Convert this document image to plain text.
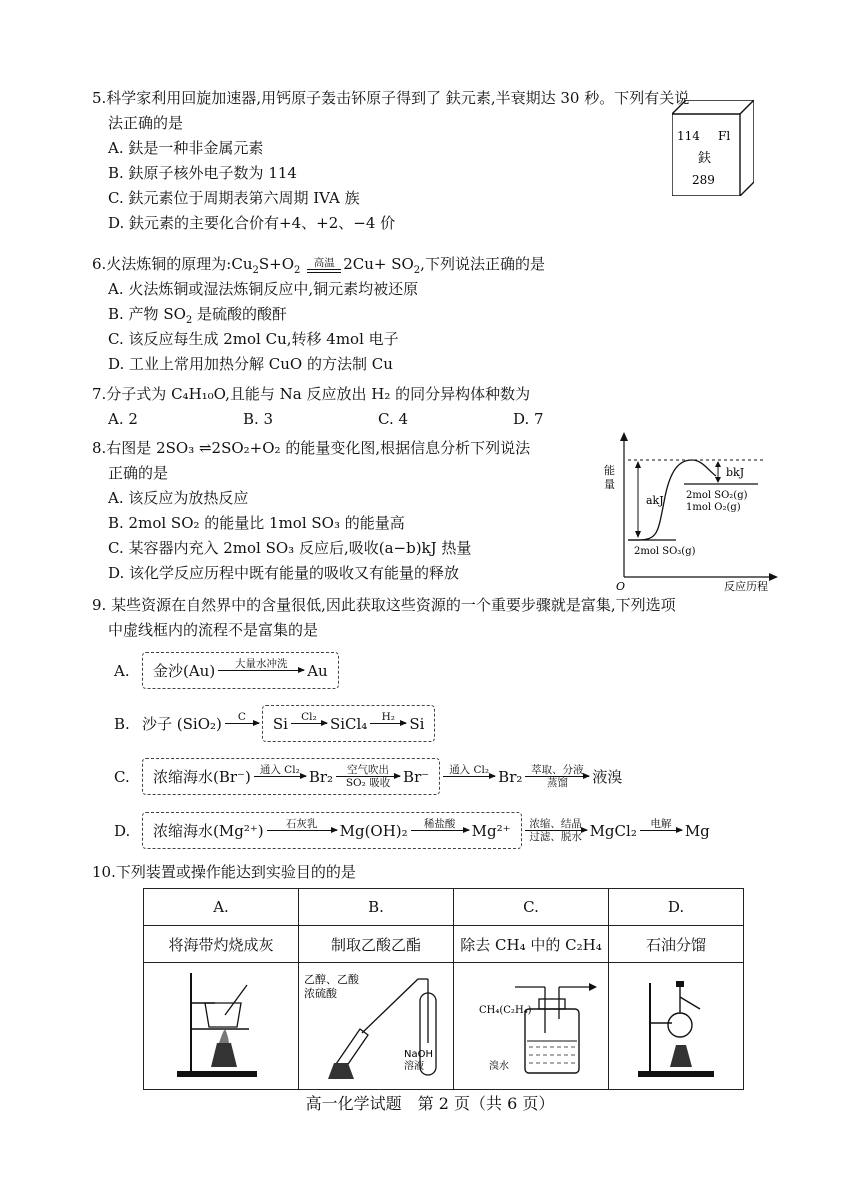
5.科学家利用回旋加速器,用钙原子轰击钚原子得到了 鈇元素,半衰期达 30 秒。下列有关说
法正确的是
A. 鈇是一种非金属元素
B. 鈇原子核外电子数为 114
C. 鈇元素位于周期表第六周期 IVA 族
D. 鈇元素的主要化合价有+4、+2、−4 价
114 Fl
鈇
289
6.火法炼铜的原理为$:Cu_2S+O_2$
高温 $2Cu+ SO_2$,下列说法正确的是
A. 火法炼铜或湿法炼铜反应中,铜元素均被还原
B. 产物 $SO_2$ 是硫酸的酸酐
C. 该反应每生成 2mol Cu,转移 4mol 电子
D. 工业上常用加热分解 CuO 的方法制 Cu
7.分子式为 C₄H₁₀O,且能与 Na 反应放出 H₂ 的同分异构体种数为
A. 2	B. 3	C. 4	D. 7
8.右图是 2SO₃ ⇌2SO₂+O₂ 的能量变化图,根据信息分析下列说法
正确的是
A. 该反应为放热反应
B. 2mol SO₂ 的能量比 1mol SO₃ 的能量高
C. 某容器内充入 2mol SO₃ 反应后,吸收(a−b)kJ 热量
D. 该化学反应历程中既有能量的吸收又有能量的释放
能量
O	反应历程
akJ
bkJ
2mol SO₂(g)
1mol O₂(g)
2mol SO₃(g)
9. 某些资源在自然界中的含量很低,因此获取这些资源的一个重要步骤就是富集,下列选项
中虚线框内的流程不是富集的是
A.	金沙(Au) 大量水冲洗 Au
B. 沙子 (SiO₂) C Si Cl₂ SiCl₄ H₂ Si
C.	浓缩海水(Br⁻) 通入 Cl₂ Br₂ 空气吹出
SO₂ 吸收 Br⁻ 通入 Cl₂ Br₂ 萃取、分液
蒸馏 液溴
D.	浓缩海水(Mg²⁺) 石灰乳 Mg(OH)₂ 稀盐酸 Mg²⁺ 浓缩、结晶
过滤、脱水 MgCl₂ 电解 Mg
10.下列装置或操作能达到实验目的的是
A.	B.	C.	D.
将海带灼烧成灰	制取乙酸乙酯	除去 CH₄ 中的 C₂H₄	石油分馏

乙醇、乙酸
浓硫酸
NaOH
溶液	CH₄(C₂H₄)
溴水

高一化学试题　第 2 页（共 6 页）
